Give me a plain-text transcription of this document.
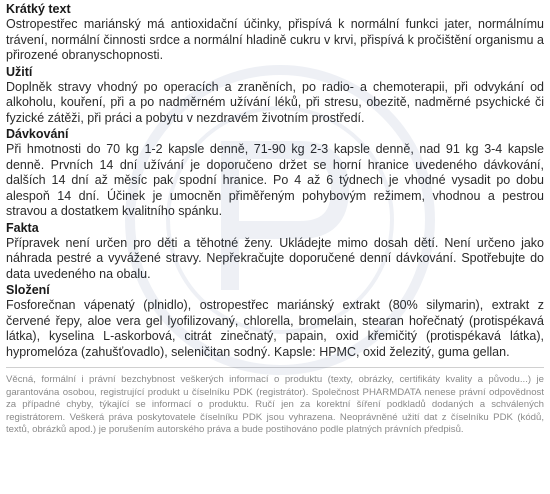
Krátký text

Ostropestřec mariánský má antioxidační účinky, přispívá k normální funkci jater, normálnímu trávení, normální činnosti srdce a normální hladině cukru v krvi, přispívá k pročištění organismu a přirozené obranyschopnosti.

Užití

Doplněk stravy vhodný po operacích a zraněních, po radio- a chemoterapii, při odvykání od alkoholu, kouření, při a po nadměrném užívání léků, při stresu, obezitě, nadměrné psychické či fyzické zátěži, při práci a pobytu v nezdravém životním prostředí.

Dávkování

Při hmotnosti do 70 kg 1-2 kapsle denně, 71-90 kg 2-3 kapsle denně, nad 91 kg 3-4 kapsle denně. Prvních 14 dní užívání je doporučeno držet se horní hranice uvedeného dávkování, dalších 14 dní až měsíc pak spodní hranice. Po 4 až 6 týdnech je vhodné vysadit po dobu alespoň 14 dní. Účinek je umocněn přiměřeným pohybovým režimem, vhodnou a pestrou stravou a dostatkem kvalitního spánku.

Fakta

Přípravek není určen pro děti a těhotné ženy. Ukládejte mimo dosah dětí. Není určeno jako náhrada pestré a vyvážené stravy. Nepřekračujte doporučené denní dávkování. Spotřebujte do data uvedeného na obalu.

Složení

Fosforečnan vápenatý (plnidlo), ostropestřec mariánský extrakt (80% silymarin), extrakt z červené řepy, aloe vera gel lyofilizovaný, chlorella, bromelain, stearan hořečnatý (protispékavá látka), kyselina L-askorbová, citrát zinečnatý, papain, oxid křemičitý (protispékavá látka), hypromelóza (zahušťovadlo), seleničitan sodný. Kapsle: HPMC, oxid železitý, guma gellan.

Věcná, formální i právní bezchybnost veškerých informací o produktu (texty, obrázky, certifikáty kvality a původu...) je garantována osobou, registrující produkt u číselníku PDK (registrátor). Společnost PHARMDATA nenese právní odpovědnost za případné chyby, týkající se informací o produktu. Ručí jen za korektní šíření podkladů dodaných a schválených registrátorem. Veškerá práva poskytovatele číselníku PDK jsou vyhrazena. Neoprávněné užití dat z číselníku PDK (kódů, textů, obrázků apod.) je porušením autorského práva a bude postihováno podle platných právních předpisů.
